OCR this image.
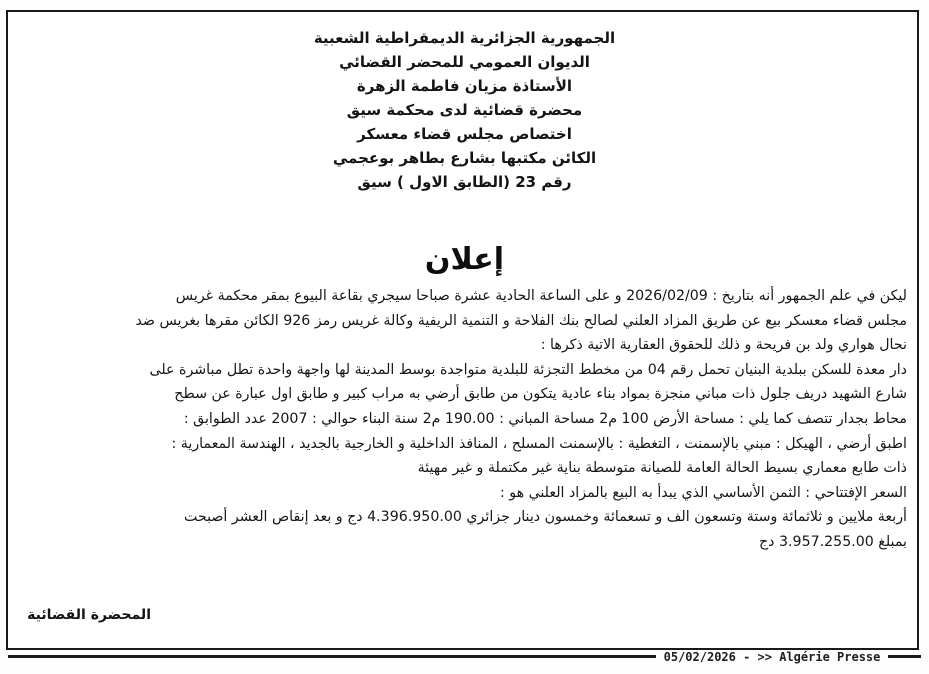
الجمهورية الجزائرية الديمقراطية الشعبية
الديوان العمومي للمحضر القضائي
الأستاذة مزيان فاطمة الزهرة
محضرة قضائية لدى محكمة سيق
اختصاص مجلس قضاء معسكر
الكائن مكتبها بشارع بطاهر بوعجمي
رقم 23 (الطابق الاول ) سيق
إعلان
ليكن في علم الجمهور أنه بتاريخ : 2026/02/09 و على الساعة الحادية عشرة صباحا سيجري بقاعة البيوع بمقر محكمة غريس
مجلس قضاء معسكر بيع عن طريق المزاد العلني لصالح بنك الفلاحة و التنمية الريفية وكالة غريس رمز 926 الكائن مقرها بغريس ضد
نحال هواري ولد بن فريحة و ذلك للحقوق العقارية الاتية ذكرها :
دار معدة للسكن ببلدية البنيان تحمل رقم 04 من مخطط التجزئة للبلدية متواجدة بوسط المدينة لها واجهة واحدة تطل مباشرة على
شارع الشهيد دريف جلول ذات مباني منجزة بمواد بناء عادية يتكون من طابق أرضي به مراب كبير و طابق اول عبارة عن سطح
محاط بجدار تتصف كما يلي : مساحة الأرض 100 م2 مساحة المباني : 190.00 م2 سنة البناء حوالي : 2007 عدد الطوابق :
اطبق أرضي ، الهيكل : مبني بالإسمنت ، التغطية : بالإسمنت المسلح ، المنافذ الداخلية و الخارجية بالجديد ، الهندسة المعمارية :
ذات طابع معماري بسيط الحالة العامة للصيانة متوسطة بناية غير مكتملة و غير مهيئة
السعر الإفتتاحي : الثمن الأساسي الذي يبدأ به البيع بالمزاد العلني هو :
أربعة ملايين و ثلاثمائة وستة وتسعون الف و تسعمائة وخمسون دينار جزائري 4.396.950.00 دج و بعد إنقاص العشر أصبحت
بمبلغ 3.957.255.00 دج
المحضرة القضائية
05/02/2026 - >> Algérie Presse
